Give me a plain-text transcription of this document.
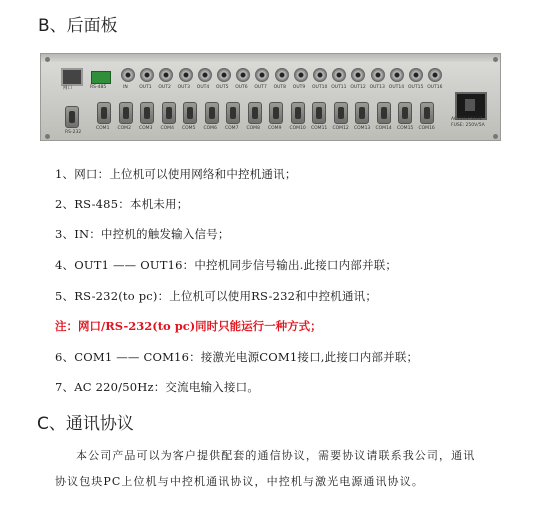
B、后面板
网口	RS-485	IN
RS-232
AC220V/50HZ
FUSE: 250V/5A
OUT1 OUT2 OUT3 OUT4 OUT5 OUT6 OUT7 OUT8 OUT9 OUT10 OUT11 OUT12 OUT13 OUT14 OUT15 OUT16
COM1 COM2 COM3 COM4 COM5 COM6 COM7 COM8 COM9 COM10 COM11 COM12 COM13 COM14 COM15 COM16
1、网口：上位机可以使用网络和中控机通讯；
2、RS-485：本机未用；
3、IN：中控机的触发输入信号；
4、OUT1 —— OUT16：中控机同步信号输出.此接口内部并联；
5、RS-232(to pc)：上位机可以使用RS-232和中控机通讯；
注：网口/RS-232(to pc)同时只能运行一种方式；
6、COM1 —— COM16：接激光电源COM1接口,此接口内部并联；
7、AC 220/50Hz：交流电输入接口。
C、通讯协议
本公司产品可以为客户提供配套的通信协议，需要协议请联系我公司，通讯
协议包块PC上位机与中控机通讯协议，中控机与激光电源通讯协议。
